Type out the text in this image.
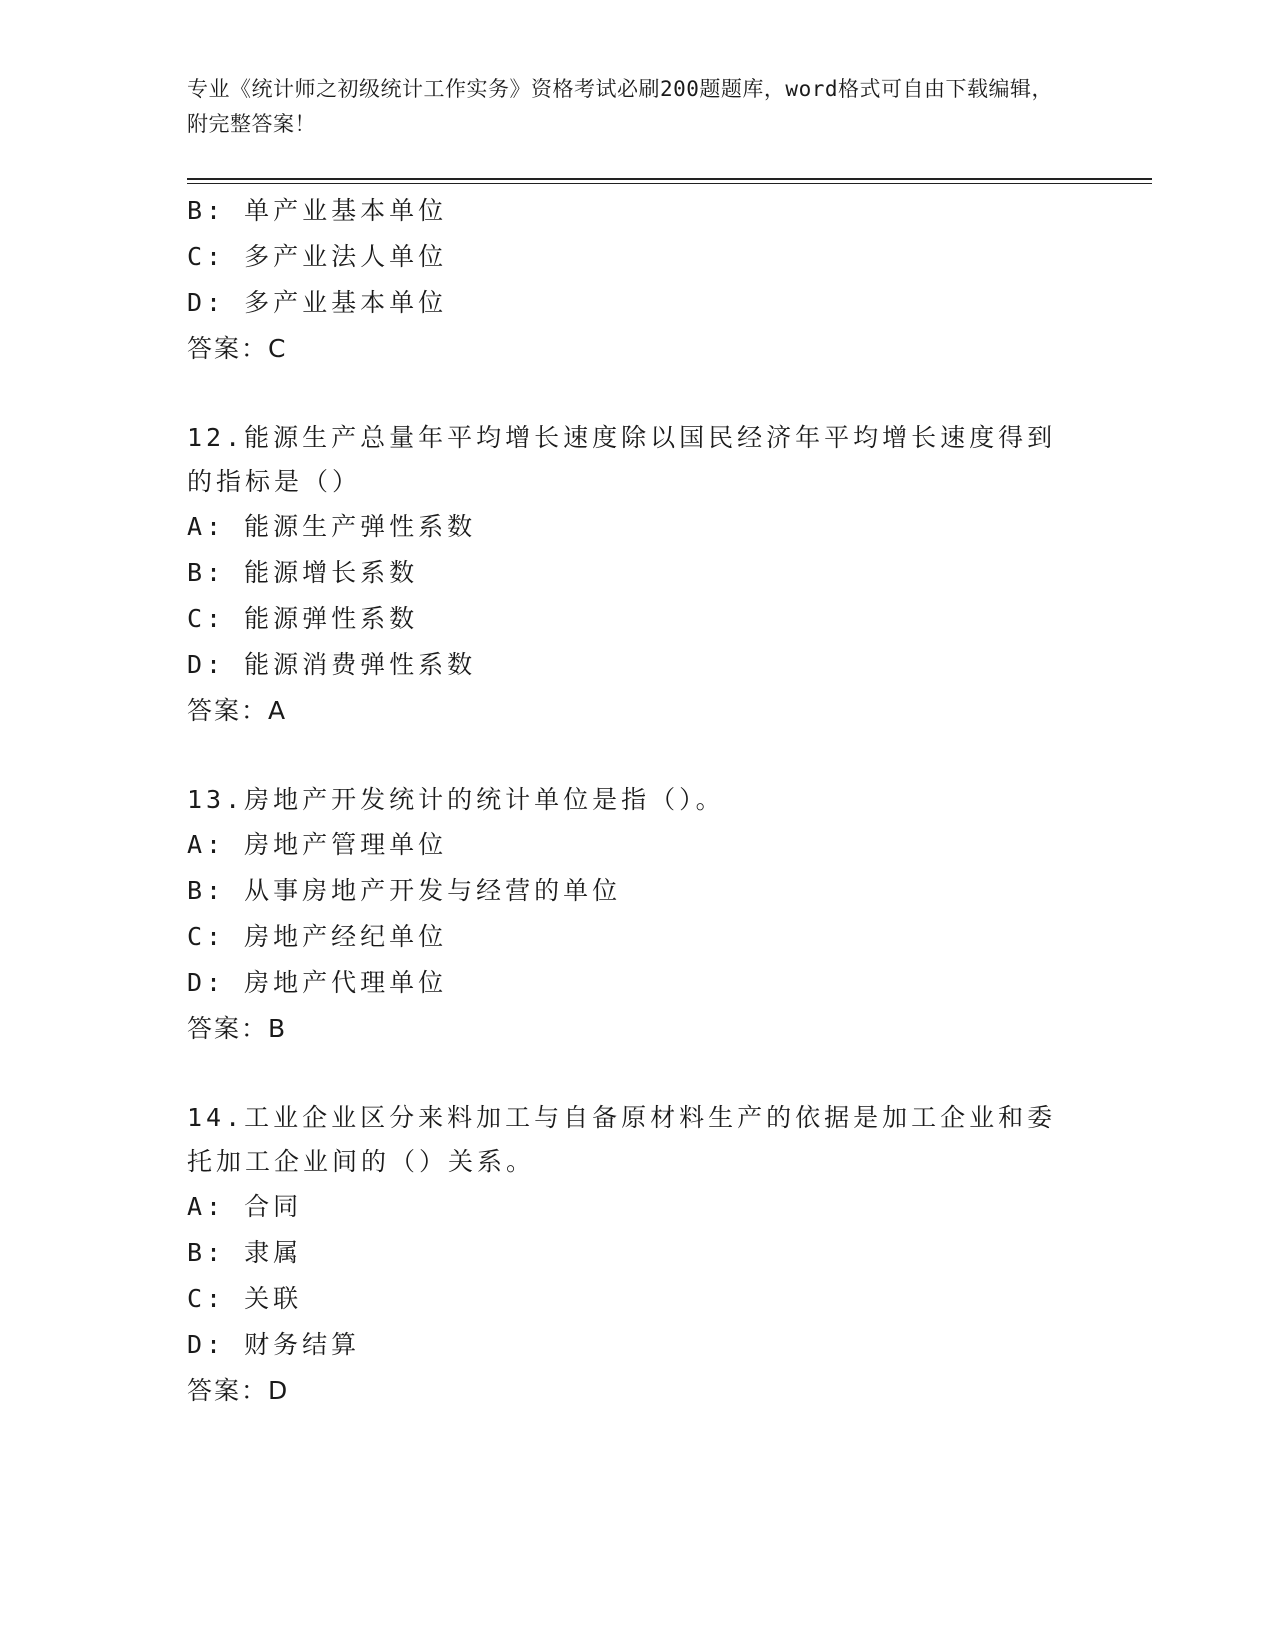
专业《统计师之初级统计工作实务》资格考试必刷200题题库，word格式可自由下载编辑，附完整答案！
B: 单产业基本单位
C: 多产业法人单位
D: 多产业基本单位
答案：C
12.能源生产总量年平均增长速度除以国民经济年平均增长速度得到的指标是（）
A: 能源生产弹性系数
B: 能源增长系数
C: 能源弹性系数
D: 能源消费弹性系数
答案：A
13.房地产开发统计的统计单位是指（）。
A: 房地产管理单位
B: 从事房地产开发与经营的单位
C: 房地产经纪单位
D: 房地产代理单位
答案：B
14.工业企业区分来料加工与自备原材料生产的依据是加工企业和委托加工企业间的（）关系。
A: 合同
B: 隶属
C: 关联
D: 财务结算
答案：D
